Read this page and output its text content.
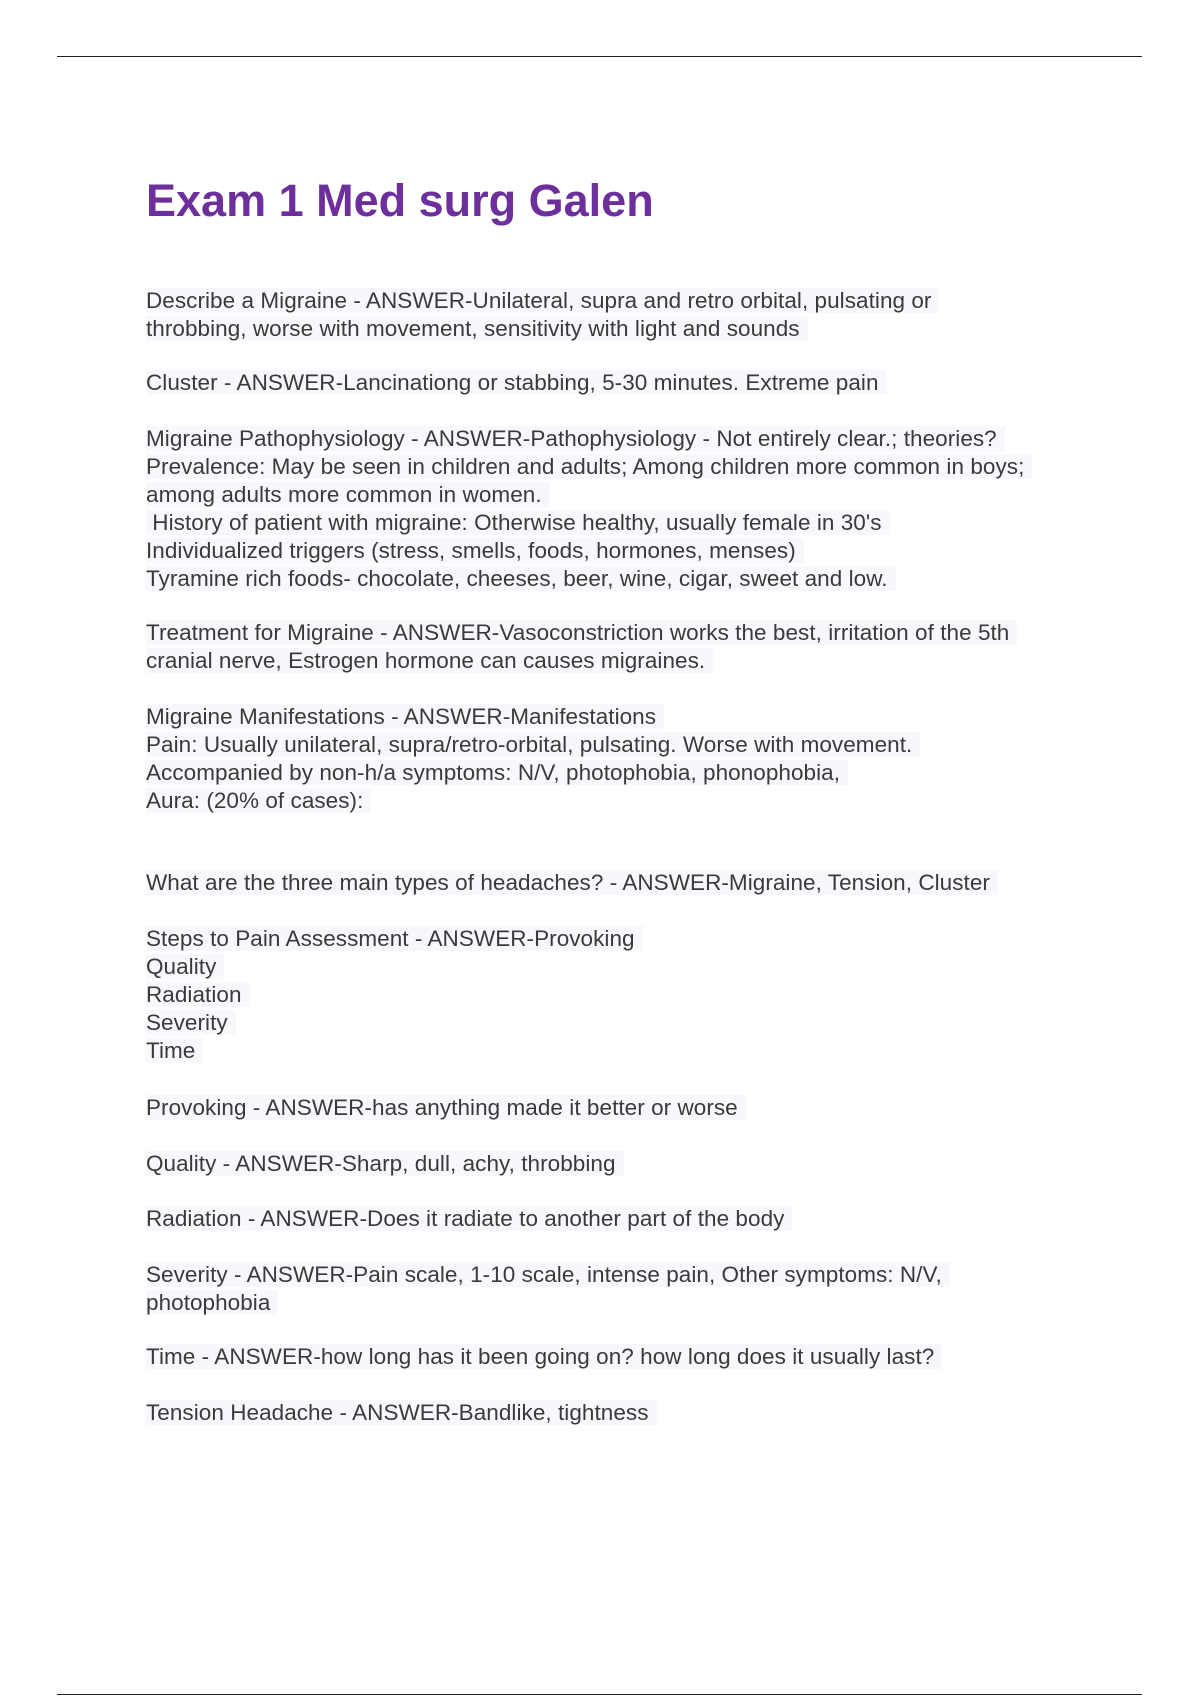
Exam 1 Med surg Galen
Describe a Migraine - ANSWER-Unilateral, supra and retro orbital, pulsating or
throbbing, worse with movement, sensitivity with light and sounds
Cluster - ANSWER-Lancinationg or stabbing, 5-30 minutes. Extreme pain
Migraine Pathophysiology - ANSWER-Pathophysiology - Not entirely clear.; theories?
Prevalence: May be seen in children and adults; Among children more common in boys;
among adults more common in women.
History of patient with migraine: Otherwise healthy, usually female in 30's
Individualized triggers (stress, smells, foods, hormones, menses)
Tyramine rich foods- chocolate, cheeses, beer, wine, cigar, sweet and low.
Treatment for Migraine - ANSWER-Vasoconstriction works the best, irritation of the 5th
cranial nerve, Estrogen hormone can causes migraines.
Migraine Manifestations - ANSWER-Manifestations
Pain: Usually unilateral, supra/retro-orbital, pulsating. Worse with movement.
Accompanied by non-h/a symptoms: N/V, photophobia, phonophobia,
Aura: (20% of cases):
What are the three main types of headaches? - ANSWER-Migraine, Tension, Cluster
Steps to Pain Assessment - ANSWER-Provoking
Quality
Radiation
Severity
Time
Provoking - ANSWER-has anything made it better or worse
Quality - ANSWER-Sharp, dull, achy, throbbing
Radiation - ANSWER-Does it radiate to another part of the body
Severity - ANSWER-Pain scale, 1-10 scale, intense pain, Other symptoms: N/V,
photophobia
Time - ANSWER-how long has it been going on? how long does it usually last?
Tension Headache - ANSWER-Bandlike, tightness
